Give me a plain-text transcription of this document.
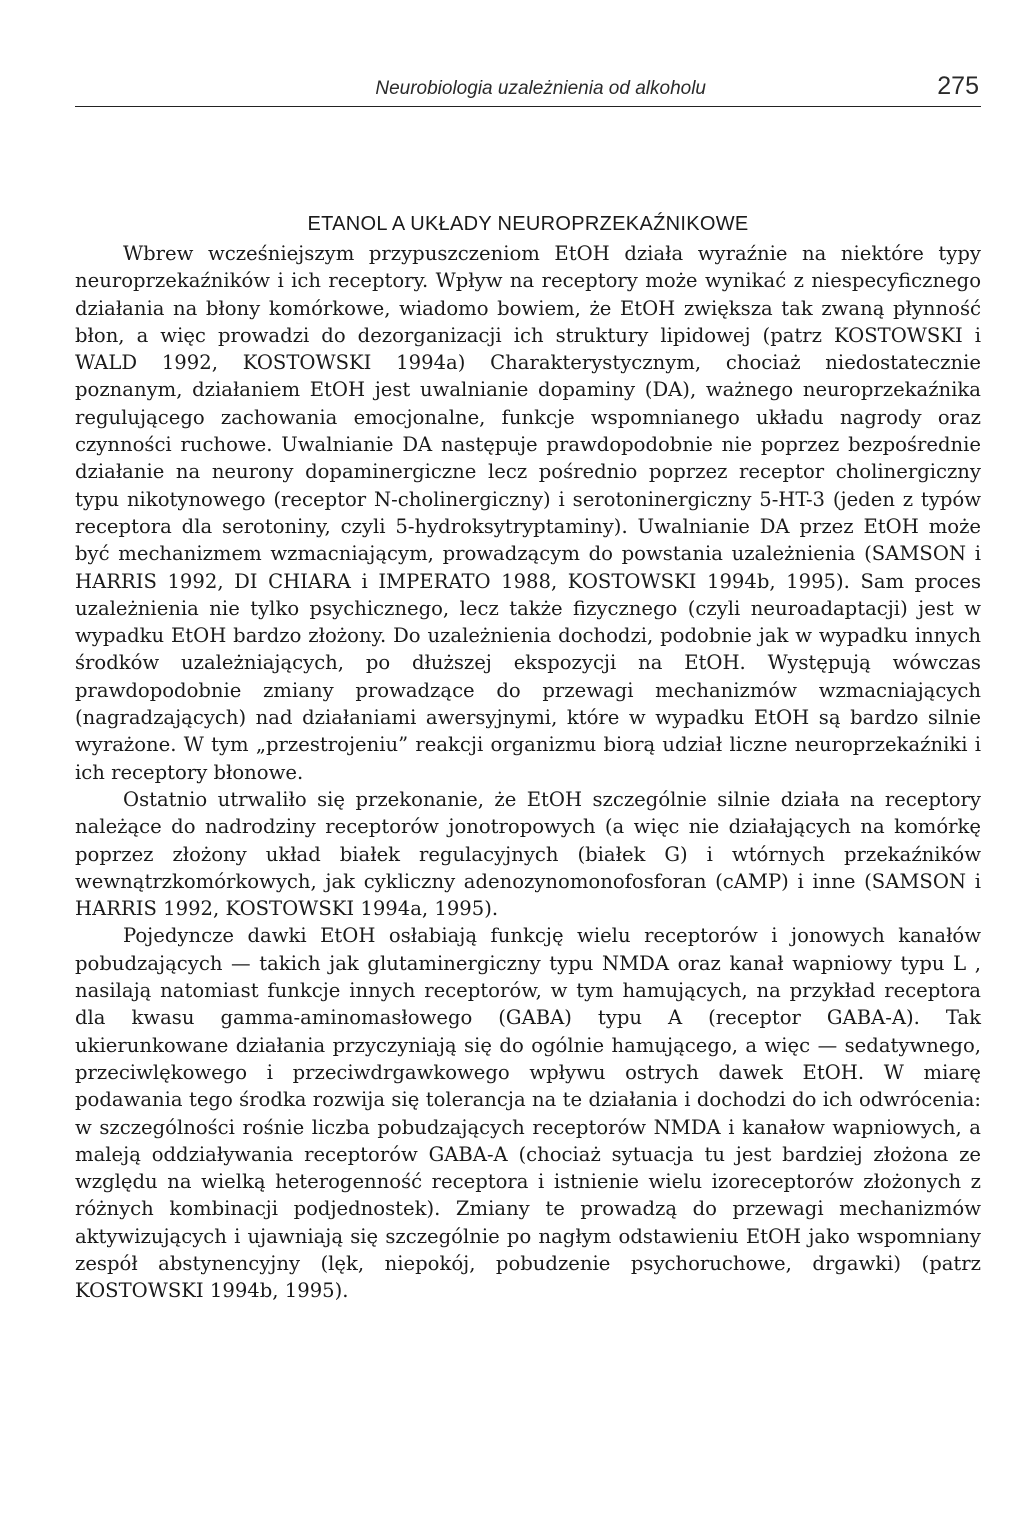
Neurobiologia uzależnienia od alkoholu	275
ETANOL A UKŁADY NEUROPRZEKAŹNIKOWE

Wbrew wcześniejszym przypuszczeniom EtOH działa wyraźnie na niektóre typy neuroprzekaźników i ich receptory. Wpływ na receptory może wynikać z niespecyficznego działania na błony komórkowe, wiadomo bowiem, że EtOH zwiększa tak zwaną płynność błon, a więc prowadzi do dezorganizacji ich struktury lipidowej (patrz KOSTOWSKI i WALD 1992, KOSTOWSKI 1994a) Charakterystycznym, chociaż niedostatecznie poznanym, działaniem EtOH jest uwalnianie dopaminy (DA), ważnego neuroprzekaźnika regulującego zachowania emocjonalne, funkcje wspomnianego układu nagrody oraz czynności ruchowe. Uwalnianie DA następuje prawdopodobnie nie poprzez bezpośrednie działanie na neurony dopaminergiczne lecz pośrednio poprzez receptor cholinergiczny typu nikotynowego (receptor N-cholinergiczny) i serotoninergiczny 5-HT-3 (jeden z typów receptora dla serotoniny, czyli 5-hydroksytryptaminy). Uwalnianie DA przez EtOH może być mechanizmem wzmacniającym, prowadzącym do powstania uzależnienia (SAMSON i HARRIS 1992, DI CHIARA i IMPERATO 1988, KOSTOWSKI 1994b, 1995). Sam proces uzależnienia nie tylko psychicznego, lecz także fizycznego (czyli neuroadaptacji) jest w wypadku EtOH bardzo złożony. Do uzależnienia dochodzi, podobnie jak w wypadku innych środków uzależniających, po dłuższej ekspozycji na EtOH. Występują wówczas prawdopodobnie zmiany prowadzące do przewagi mechanizmów wzmacniających (nagradzających) nad działaniami awersyjnymi, które w wypadku EtOH są bardzo silnie wyrażone. W tym „przestrojeniu” reakcji organizmu biorą udział liczne neuroprzekaźniki i ich receptory błonowe.

Ostatnio utrwaliło się przekonanie, że EtOH szczególnie silnie działa na receptory należące do nadrodziny receptorów jonotropowych (a więc nie działających na komórkę poprzez złożony układ białek regulacyjnych (białek G) i wtórnych przekaźników wewnątrzkomórkowych, jak cykliczny adenozynomonofosforan (cAMP) i inne (SAMSON i HARRIS 1992, KOSTOWSKI 1994a, 1995).

Pojedyncze dawki EtOH osłabiają funkcję wielu receptorów i jonowych kanałów pobudzających — takich jak glutaminergiczny typu NMDA oraz kanał wapniowy typu L , nasilają natomiast funkcje innych receptorów, w tym hamujących, na przykład receptora dla kwasu gamma-aminomasłowego (GABA) typu A (receptor GABA-A). Tak ukierunkowane działania przyczyniają się do ogólnie hamującego, a więc — sedatywnego, przeciwlękowego i przeciwdrgawkowego wpływu ostrych dawek EtOH. W miarę podawania tego środka rozwija się tolerancja na te działania i dochodzi do ich odwrócenia: w szczególności rośnie liczba pobudzających receptorów NMDA i kanałow wapniowych, a maleją oddziaływania receptorów GABA-A (chociaż sytuacja tu jest bardziej złożona ze względu na wielką heterogenność receptora i istnienie wielu izoreceptorów złożonych z różnych kombinacji podjednostek). Zmiany te prowadzą do przewagi mechanizmów aktywizujących i ujawniają się szczególnie po nagłym odstawieniu EtOH jako wspomniany zespół abstynencyjny (lęk, niepokój, pobudzenie psychoruchowe, drgawki) (patrz KOSTOWSKI 1994b, 1995).
